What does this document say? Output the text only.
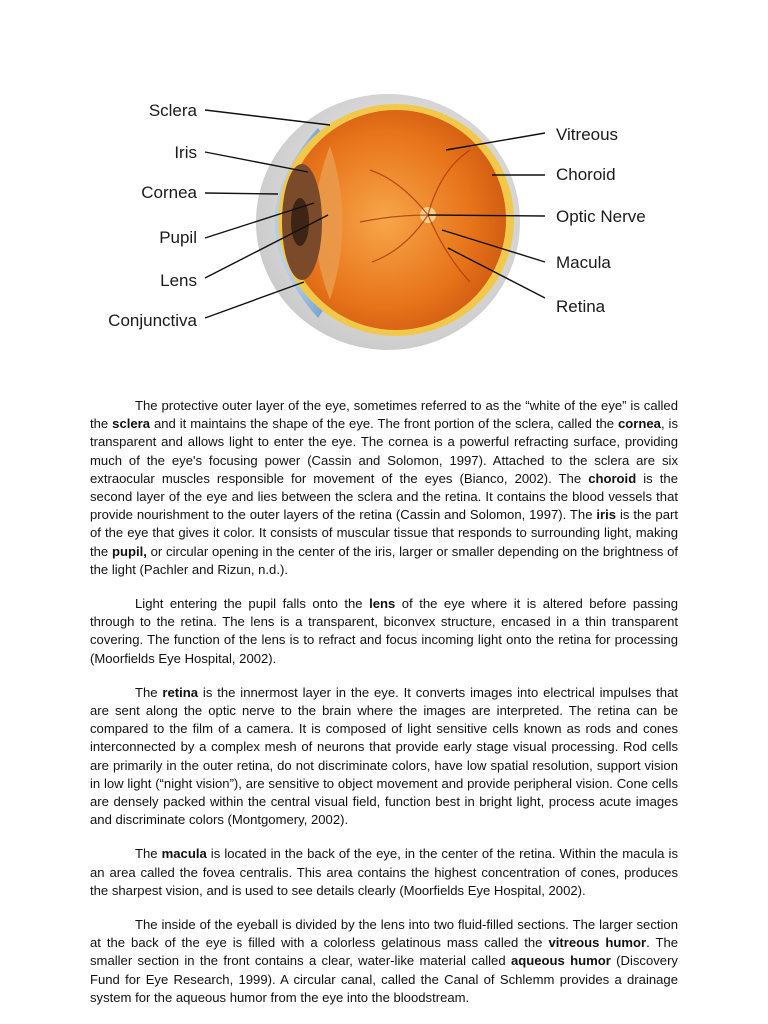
Sclera
Iris
Cornea
Pupil
Lens
Conjunctiva
Vitreous
Choroid
Optic Nerve
Macula
Retina

The protective outer layer of the eye, sometimes referred to as the “white of the eye” is called the sclera and it maintains the shape of the eye. The front portion of the sclera, called the cornea, is transparent and allows light to enter the eye. The cornea is a powerful refracting surface, providing much of the eye's focusing power (Cassin and Solomon, 1997). Attached to the sclera are six extraocular muscles responsible for movement of the eyes (Bianco, 2002). The choroid is the second layer of the eye and lies between the sclera and the retina. It contains the blood vessels that provide nourishment to the outer layers of the retina (Cassin and Solomon, 1997). The iris is the part of the eye that gives it color. It consists of muscular tissue that responds to surrounding light, making the pupil, or circular opening in the center of the iris, larger or smaller depending on the brightness of the light (Pachler and Rizun, n.d.).

Light entering the pupil falls onto the lens of the eye where it is altered before passing through to the retina. The lens is a transparent, biconvex structure, encased in a thin transparent covering. The function of the lens is to refract and focus incoming light onto the retina for processing (Moorfields Eye Hospital, 2002).

The retina is the innermost layer in the eye. It converts images into electrical impulses that are sent along the optic nerve to the brain where the images are interpreted. The retina can be compared to the film of a camera. It is composed of light sensitive cells known as rods and cones interconnected by a complex mesh of neurons that provide early stage visual processing. Rod cells are primarily in the outer retina, do not discriminate colors, have low spatial resolution, support vision in low light (“night vision”), are sensitive to object movement and provide peripheral vision. Cone cells are densely packed within the central visual field, function best in bright light, process acute images and discriminate colors (Montgomery, 2002).

The macula is located in the back of the eye, in the center of the retina. Within the macula is an area called the fovea centralis. This area contains the highest concentration of cones, produces the sharpest vision, and is used to see details clearly (Moorfields Eye Hospital, 2002).

The inside of the eyeball is divided by the lens into two fluid-filled sections. The larger section at the back of the eye is filled with a colorless gelatinous mass called the vitreous humor. The smaller section in the front contains a clear, water-like material called aqueous humor (Discovery Fund for Eye Research, 1999). A circular canal, called the Canal of Schlemm provides a drainage system for the aqueous humor from the eye into the bloodstream.
